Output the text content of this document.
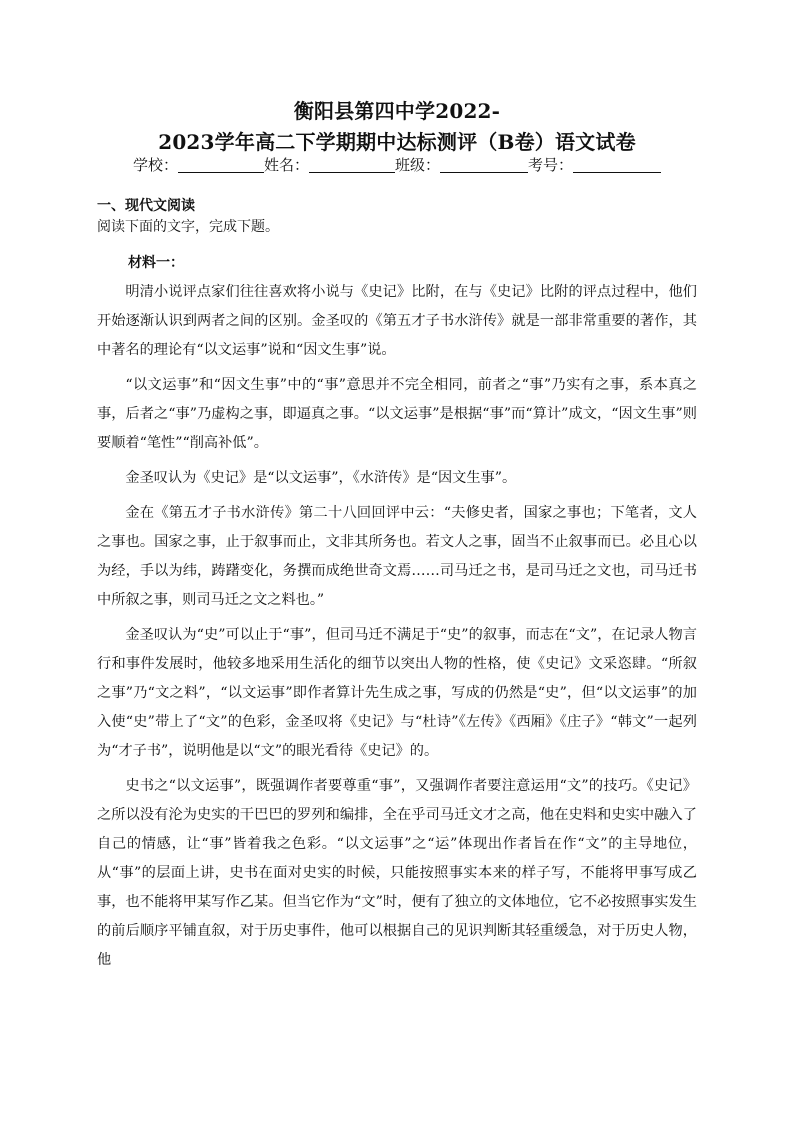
衡阳县第四中学2022-
2023学年高二下学期期中达标测评（B卷）语文试卷
学校：	姓名：	班级：	考号：
一、现代文阅读
阅读下面的文字，完成下题。
材料一：

明清小说评点家们往往喜欢将小说与《史记》比附，在与《史记》比附的评点过程中，他们开始逐渐认识到两者之间的区别。金圣叹的《第五才子书水浒传》就是一部非常重要的著作，其中著名的理论有“以文运事”说和“因文生事”说。

“以文运事”和“因文生事”中的“事”意思并不完全相同，前者之“事”乃实有之事，系本真之事，后者之“事”乃虚构之事，即逼真之事。“以文运事”是根据“事”而“算计”成文，“因文生事”则要顺着“笔性”“削高补低”。

金圣叹认为《史记》是“以文运事”，《水浒传》是“因文生事”。

金在《第五才子书水浒传》第二十八回回评中云：“夫修史者，国家之事也；下笔者，文人之事也。国家之事，止于叙事而止，文非其所务也。若文人之事，固当不止叙事而已。必且心以为经，手以为纬，踌躇变化，务撰而成绝世奇文焉……司马迁之书，是司马迁之文也，司马迁书中所叙之事，则司马迁之文之料也。”

金圣叹认为“史”可以止于“事”，但司马迁不满足于“史”的叙事，而志在“文”，在记录人物言行和事件发展时，他较多地采用生活化的细节以突出人物的性格，使《史记》文采恣肆。“所叙之事”乃“文之料”，“以文运事”即作者算计先生成之事，写成的仍然是“史”，但“以文运事”的加入使“史”带上了“文”的色彩，金圣叹将《史记》与“杜诗”《左传》《西厢》《庄子》“韩文”一起列为“才子书”，说明他是以“文”的眼光看待《史记》的。

史书之“以文运事”，既强调作者要尊重“事”，又强调作者要注意运用“文”的技巧。《史记》之所以没有沦为史实的干巴巴的罗列和编排，全在乎司马迁文才之高，他在史料和史实中融入了自己的情感，让“事”皆着我之色彩。“以文运事”之“运”体现出作者旨在作“文”的主导地位，从“事”的层面上讲，史书在面对史实的时候，只能按照事实本来的样子写，不能将甲事写成乙事，也不能将甲某写作乙某。但当它作为“文”时，便有了独立的文体地位，它不必按照事实发生的前后顺序平铺直叙，对于历史事件，他可以根据自己的见识判断其轻重缓急，对于历史人物，他
